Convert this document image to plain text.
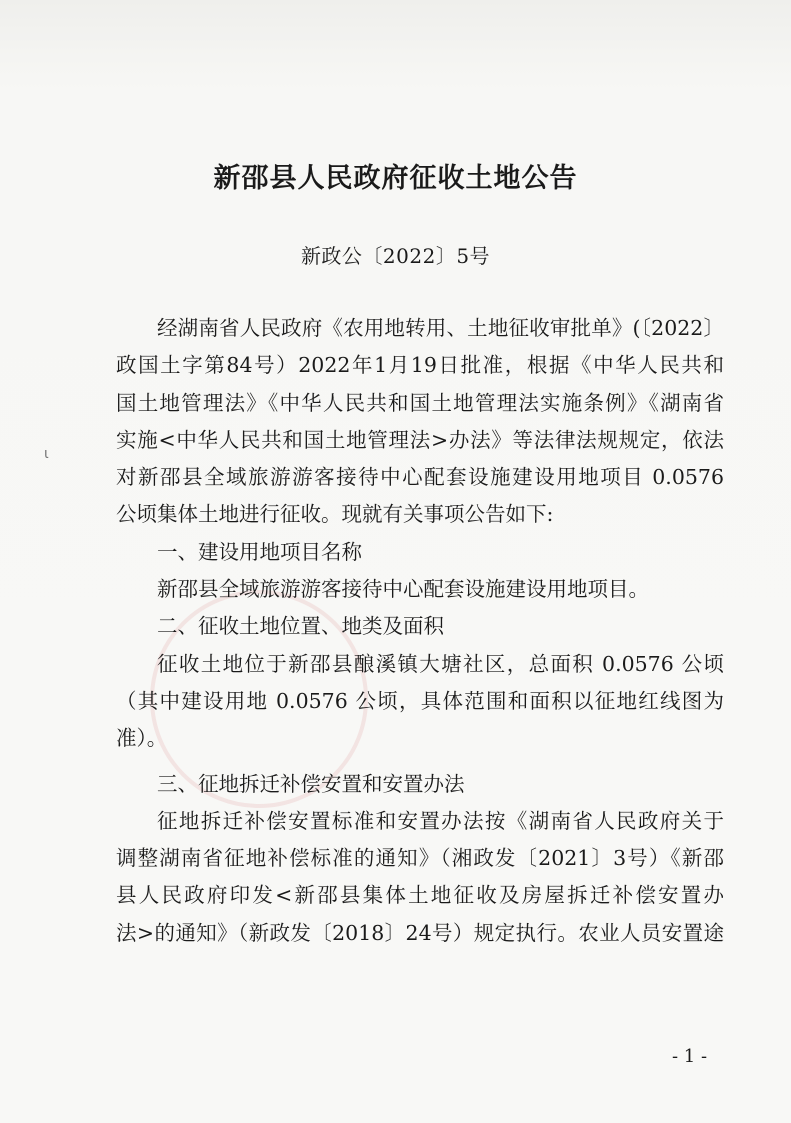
ι
新邵县人民政府征收土地公告
新政公〔2022〕5号
经湖南省人民政府《农用地转用、土地征收审批单》(〔2022〕
政国土字第84号）2022年1月19日批准，根据《中华人民共和
国土地管理法》《中华人民共和国土地管理法实施条例》《湖南省
实施<中华人民共和国土地管理法>办法》等法律法规规定，依法
对新邵县全域旅游游客接待中心配套设施建设用地项目 0.0576
公顷集体土地进行征收。现就有关事项公告如下:
一、建设用地项目名称
新邵县全域旅游游客接待中心配套设施建设用地项目。
二、征收土地位置、地类及面积
征收土地位于新邵县酿溪镇大塘社区，总面积 0.0576 公顷
（其中建设用地 0.0576 公顷，具体范围和面积以征地红线图为
准）。
三、征地拆迁补偿安置和安置办法
征地拆迁补偿安置标准和安置办法按《湖南省人民政府关于
调整湖南省征地补偿标准的通知》（湘政发〔2021〕3号）《新邵
县人民政府印发<新邵县集体土地征收及房屋拆迁补偿安置办
法>的通知》（新政发〔2018〕24号）规定执行。农业人员安置途
- 1 -
